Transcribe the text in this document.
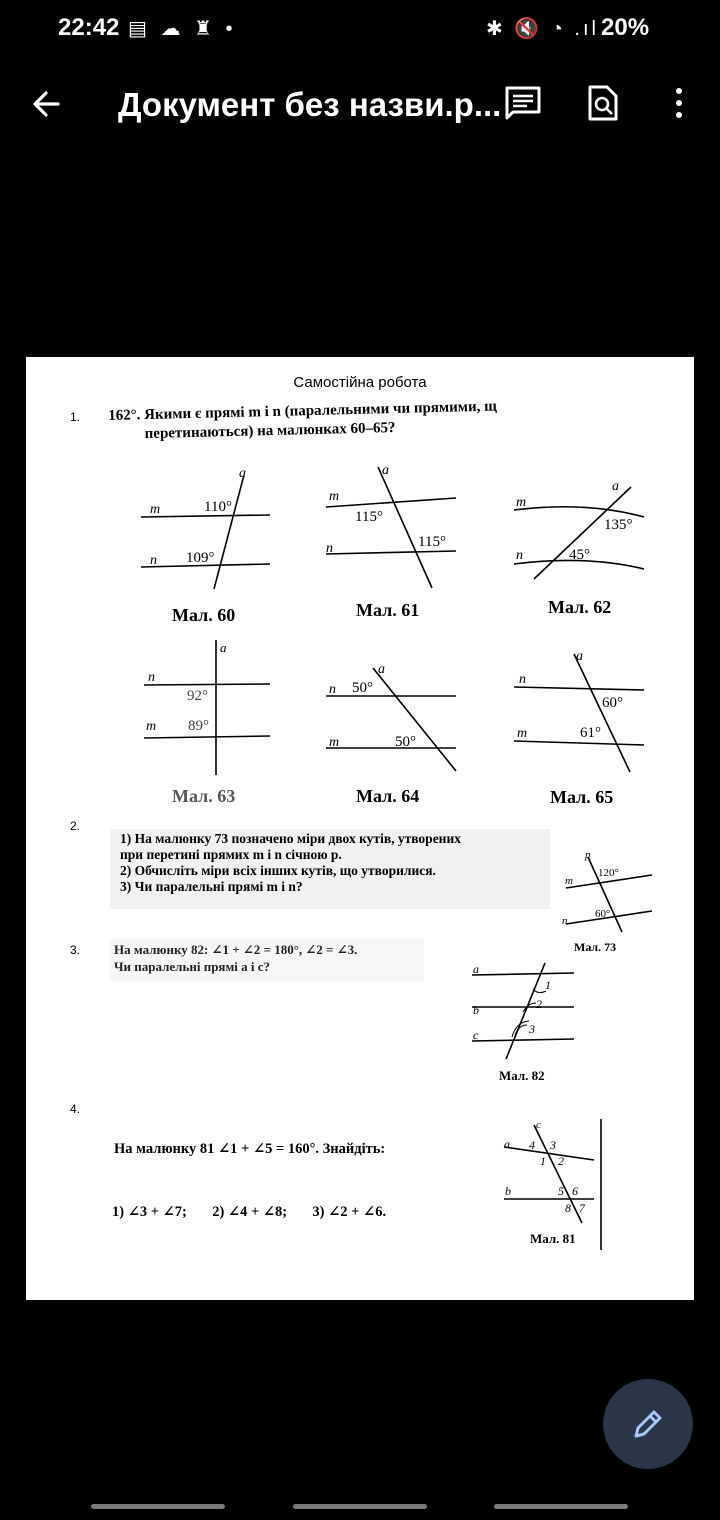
22:42 ▤ ☁ ♜ •	✱ 🔇 ◔ .ıl 20%
Документ без назви.р...
Самостійна робота
1. 162°. Якими є прямі m і n (паралельними чи прямими, щ
перетинаються) на малюнках 60–65?
a
m	110°
n 109°
a
m
115°
n	115°
a
m
135°
n	45°
a
n
92°
m 89°
a
n 50°
m	50°
a
n
60°
m	61°
p
m
120°
n
60°
a
b
c
1
2
3
c
a
b
4 3
1 2
5 6
8 7
Мал. 60	Мал. 61	Мал. 62
Мал. 63	Мал. 64	Мал. 65
2.
1) На малюнку 73 позначено міри двох кутів, утворених
при перетині прямих m і n січною p.
2) Обчисліть міри всіх інших кутів, що утворилися.
3) Чи паралельні прямі m і n?
Мал. 73
3.	На малюнку 82: ∠1 + ∠2 = 180°, ∠2 = ∠3.
Чи паралельні прямі a і c?
Мал. 82
4.

На малюнку 81 ∠1 + ∠5 = 160°. Знайдіть:

1) ∠3 + ∠7;       2) ∠4 + ∠8;       3) ∠2 + ∠6.

Мал. 81
